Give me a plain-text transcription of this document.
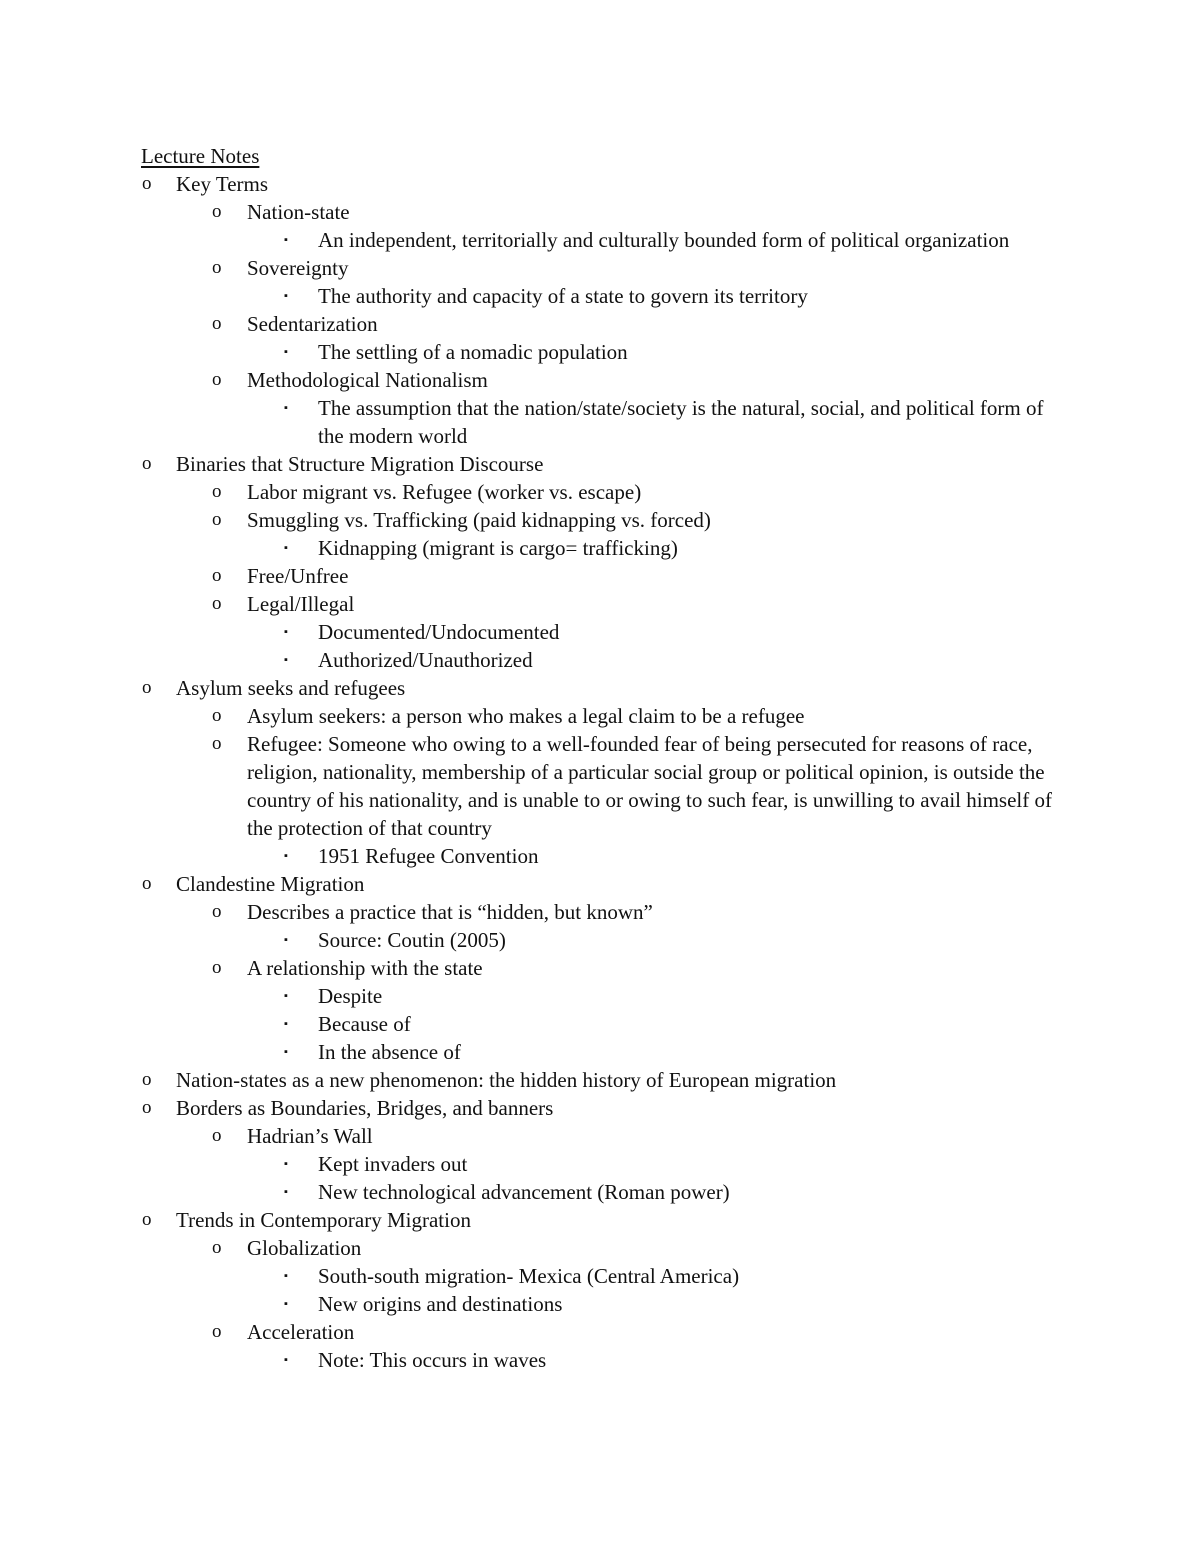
Lecture Notes
o	Key Terms
o	Nation-state
▪	An independent, territorially and culturally bounded form of political organization
o	Sovereignty
▪	The authority and capacity of a state to govern its territory
o	Sedentarization
▪	The settling of a nomadic population
o	Methodological Nationalism
▪	The assumption that the nation/state/society is the natural, social, and political form of the modern world
o	Binaries that Structure Migration Discourse
o	Labor migrant vs. Refugee (worker vs. escape)
o	Smuggling vs. Trafficking (paid kidnapping vs. forced)
▪	Kidnapping (migrant is cargo= trafficking)
o	Free/Unfree
o	Legal/Illegal
▪	Documented/Undocumented
▪	Authorized/Unauthorized
o	Asylum seeks and refugees
o	Asylum seekers: a person who makes a legal claim to be a refugee
o	Refugee: Someone who owing to a well-founded fear of being persecuted for reasons of race, religion, nationality, membership of a particular social group or political opinion, is outside the country of his nationality, and is unable to or owing to such fear, is unwilling to avail himself of the protection of that country
▪	1951 Refugee Convention
o	Clandestine Migration
o	Describes a practice that is “hidden, but known”
▪	Source: Coutin (2005)
o	A relationship with the state
▪	Despite
▪	Because of
▪	In the absence of
o	Nation-states as a new phenomenon: the hidden history of European migration
o	Borders as Boundaries, Bridges, and banners
o	Hadrian’s Wall
▪	Kept invaders out
▪	New technological advancement (Roman power)
o	Trends in Contemporary Migration
o	Globalization
▪	South-south migration- Mexica (Central America)
▪	New origins and destinations
o	Acceleration
▪	Note: This occurs in waves
